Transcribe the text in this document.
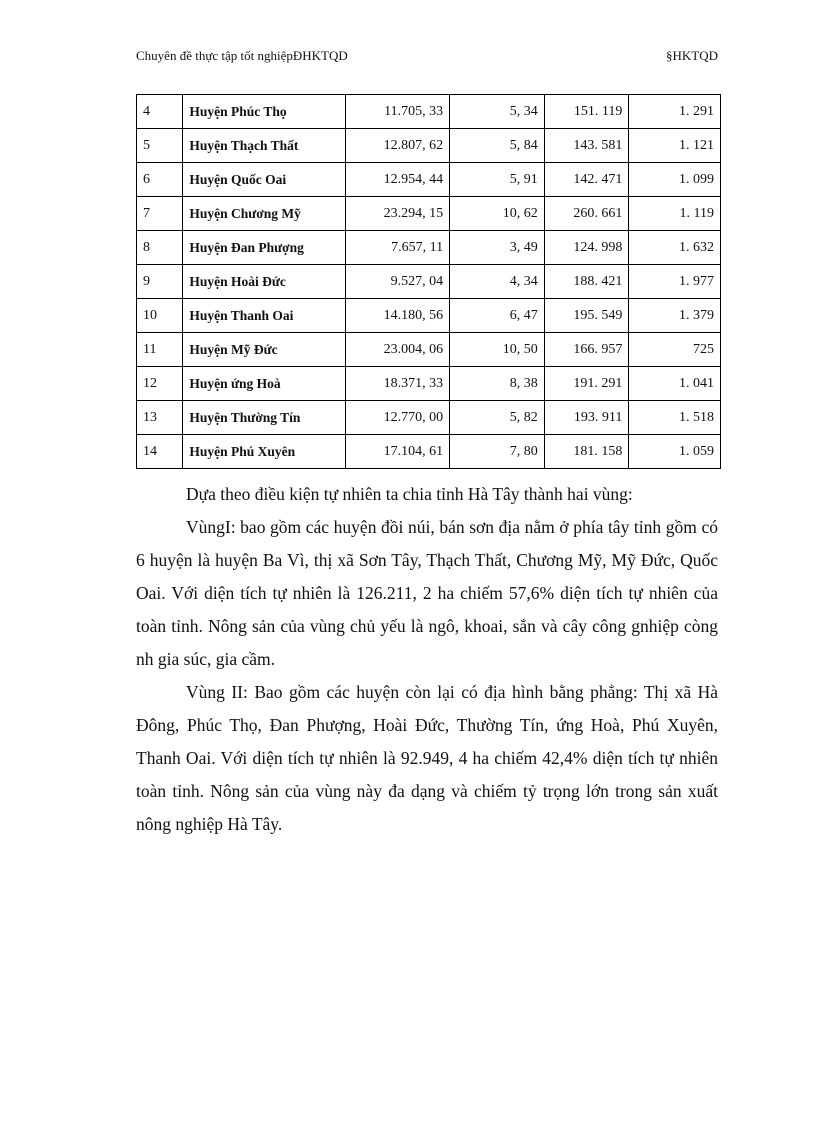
Chuyên đề thực tập tốt nghiệpĐHKTQD	§HKTQD
4	Huyện Phúc Thọ	11.705, 33	5, 34	151. 119	1. 291
5	Huyện Thạch Thất	12.807, 62	5, 84	143. 581	1. 121
6	Huyện Quốc Oai	12.954, 44	5, 91	142. 471	1. 099
7	Huyện Chương Mỹ	23.294, 15	10, 62	260. 661	1. 119
8	Huyện Đan Phượng	7.657, 11	3, 49	124. 998	1. 632
9	Huyện Hoài Đức	9.527, 04	4, 34	188. 421	1. 977
10	Huyện Thanh Oai	14.180, 56	6, 47	195. 549	1. 379
11	Huyện Mỹ Đức	23.004, 06	10, 50	166. 957	725
12	Huyện ứng Hoà	18.371, 33	8, 38	191. 291	1. 041
13	Huyện Thường Tín	12.770, 00	5, 82	193. 911	1. 518
14	Huyện Phú Xuyên	17.104, 61	7, 80	181. 158	1. 059

Dựa theo điều kiện tự nhiên ta chia tỉnh Hà Tây thành hai vùng:

VùngI: bao gồm các huyện đồi núi, bán sơn địa nằm ở phía tây tỉnh gồm có 6 huyện là huyện Ba Vì, thị xã Sơn Tây, Thạch Thất, Chương Mỹ, Mỹ Đức, Quốc Oai. Với diện tích tự nhiên là 126.211, 2 ha chiếm 57,6% diện tích tự nhiên của toàn tỉnh. Nông sản của vùng chủ yếu là ngô, khoai, sắn và cây công gnhiệp còng nh gia súc, gia cầm.

Vùng II: Bao gồm các huyện còn lại có địa hình bằng phẳng: Thị xã Hà Đông, Phúc Thọ, Đan Phượng, Hoài Đức, Thường Tín, ứng Hoà, Phú Xuyên, Thanh Oai. Với diện tích tự nhiên là 92.949, 4 ha chiếm 42,4% diện tích tự nhiên toàn tỉnh. Nông sản của vùng này đa dạng và chiếm tỷ trọng lớn trong sản xuất nông nghiệp Hà Tây.
